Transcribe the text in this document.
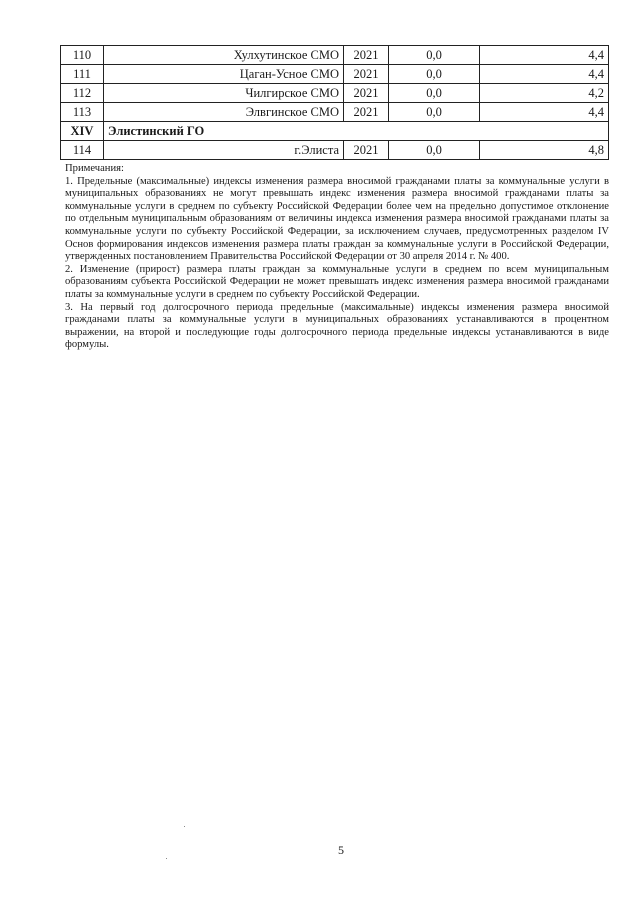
110	Хулхутинское СМО	2021	0,0	4,4
111	Цаган-Усное СМО	2021	0,0	4,4
112	Чилгирское СМО	2021	0,0	4,2
113	Элвгинское СМО	2021	0,0	4,4
XIV	Элистинский ГО			
114	г.Элиста	2021	0,0	4,8

Примечания:

1. Предельные (максимальные) индексы изменения размера вносимой гражданами платы за коммунальные услуги в муниципальных образованиях не могут превышать индекс изменения размера вносимой гражданами платы за коммунальные услуги в среднем по субъекту Российской Федерации более чем на предельно допустимое отклонение по отдельным муниципальным образованиям от величины индекса изменения размера вносимой гражданами платы за коммунальные услуги по субъекту Российской Федерации, за исключением случаев, предусмотренных разделом IV Основ формирования индексов изменения размера платы граждан за коммунальные услуги в Российской Федерации, утвержденных постановлением Правительства Российской Федерации от 30 апреля 2014 г. № 400.

2. Изменение (прирост) размера платы граждан за коммунальные услуги в среднем по всем муниципальным образованиям субъекта Российской Федерации не может превышать индекс изменения размера вносимой гражданами платы за коммунальные услуги в среднем по субъекту Российской Федерации.

3. На первый год долгосрочного периода предельные (максимальные) индексы изменения размера вносимой гражданами платы за коммунальные услуги в муниципальных образованиях устанавливаются в процентном выражении, на второй и последующие годы долгосрочного периода предельные индексы устанавливаются в виде формулы.

5
